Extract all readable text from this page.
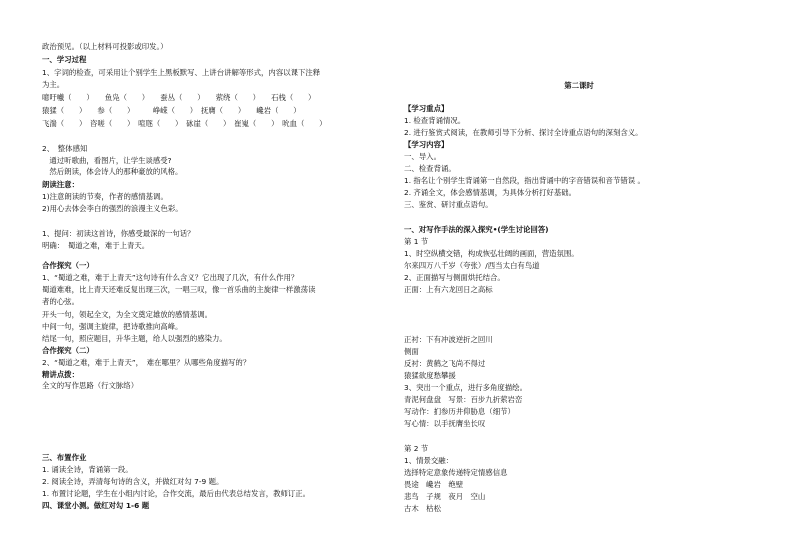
政治预见。（以上材料可投影或印发。）
一、学习过程
1、字词的检查，可采用让个别学生上黑板默写、上讲台讲解等形式，内容以课下注释
为主。
噫吁嚱（　　）　　鱼凫（　　）　　蚕丛（　　）　　萦绕（　　）　　石栈（　　）
猿猱（　　）　　参（　　）　　　峥嵘（　　）　抚膺（　　）　　巉岩（　　）
飞湍（　　）　咨嗟（　　）　喧豗（　　）　砯崖（　　）　崔嵬（　　）　吮血（　　）
2、　整体感知
　通过听歌曲，看图片，让学生谈感受?
　然后朗读，体会诗人的那种豪放的风格。
朗读注意：
1)注意朗读的节奏，作者的感情基调。
2)用心去体会李白的强烈的浪漫主义色彩。
1、提问：初读这首诗，你感受最深的一句话？
明确：　蜀道之难，难于上青天。
合作探究（一）
1、“蜀道之难，难于上青天”这句诗有什么含义？它出现了几次，有什么作用？
蜀道难难，比上青天还难反复出现三次，一唱三叹，像一首乐曲的主旋律一样激荡读
者的心弦。
开头一句，领起全文，为全文奠定雄放的感情基调。
中间一句，强调主旋律，把诗歌推向高峰。
结尾一句，照应题目，升华主题，给人以强烈的感染力。
合作探究（二）
2、“蜀道之难，难于上青天”，　难在哪里？从哪些角度描写的？
精讲点拨：
全文的写作思路（行文脉络）
三、布置作业
1. 诵读全诗，背诵第一段。
2. 阅读全诗，弄清每句诗的含义，并做红对勾 7-9 题。
1. 布置讨论题，学生在小组内讨论，合作交流，最后由代表总结发言，教师订正。
四、课堂小测。做红对勾 1-6 题
第二课时
【学习重点】
1. 检查背诵情况。
2. 进行鉴赏式阅读，在教师引导下分析、探讨全诗重点语句的深刻含义。
【学习内容】
一、导入。
二、检查背诵。
1. 指名让个别学生背诵第一自然段，指出背诵中的字音错误和音节错误 。
2. 齐诵全文，体会感情基调，为具体分析打好基础。
三、鉴赏、研讨重点语句。
一、对写作手法的深入探究•(学生讨论回答)
第 1 节
1、时空纵横交错，构成恢弘壮阔的画面，营造氛围。
尔来四万八千岁（夸张）/西当太白有鸟道
2、正面描写与侧面烘托结合。
正面：上有六龙回日之高标
正衬：下有冲波逆折之回川
侧面
反衬：黄鹤之飞尚不得过
猿猱欲度愁攀援
3、突出一个重点，进行多角度描绘。
青泥何盘盘　写景：百步九折萦岩峦
写动作：扪参历井仰胁息（细节）
写心情：以手抚膺坐长叹
第 2 节
1、情景交融：
选择特定意象传递特定情感信息
畏途　巉岩　绝壁
悲鸟　子规　夜月　空山
古木　枯松
